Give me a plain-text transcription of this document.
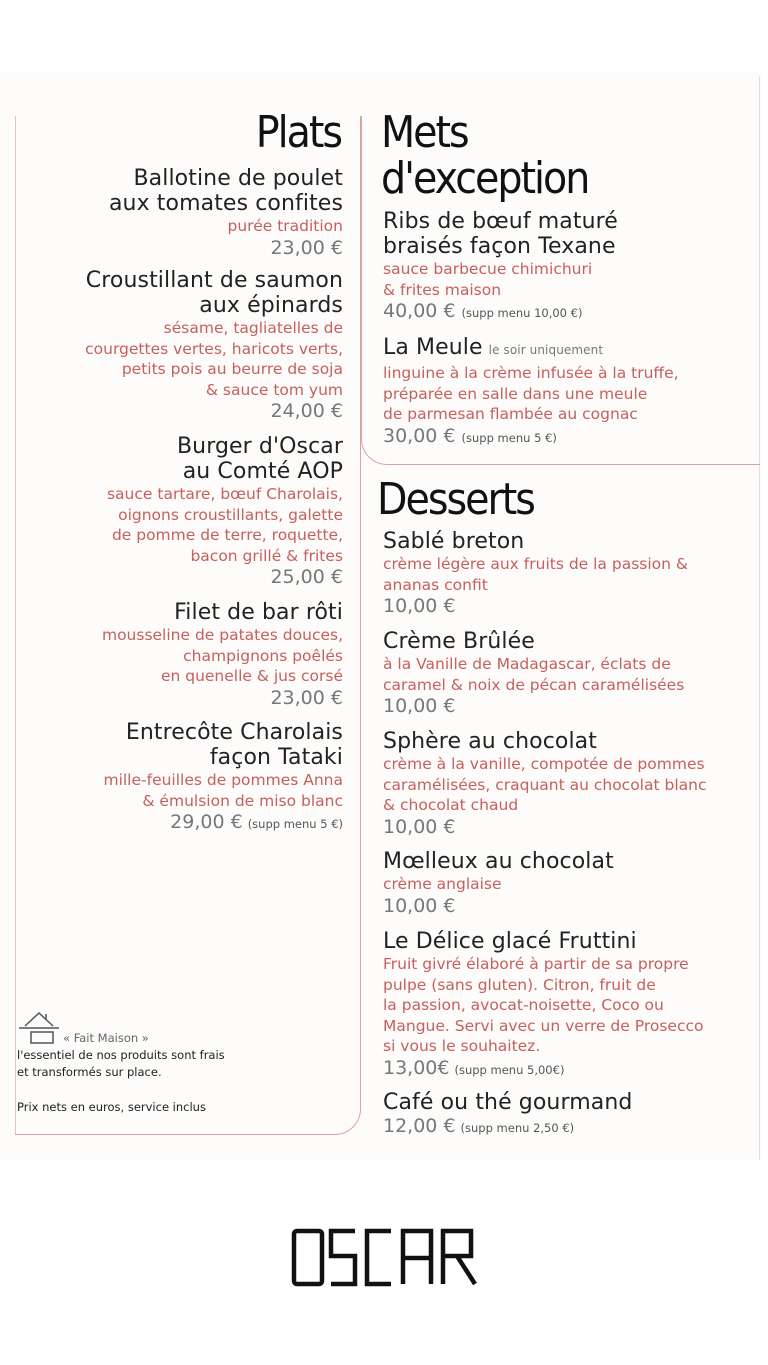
Plats Mets
d'exception
Desserts
Ballotine de poulet
aux tomates confites
purée tradition
23,00 €
Croustillant de saumon
aux épinards
sésame, tagliatelles de
courgettes vertes, haricots verts,
petits pois au beurre de soja
& sauce tom yum
24,00 €
Burger d'Oscar
au Comté AOP
sauce tartare, bœuf Charolais,
oignons croustillants, galette
de pomme de terre, roquette,
bacon grillé & frites
25,00 €
Filet de bar rôti
mousseline de patates douces,
champignons poêlés
en quenelle & jus corsé
23,00 €
Entrecôte Charolais
façon Tataki
mille-feuilles de pommes Anna
& émulsion de miso blanc
29,00 € (supp menu 5 €)
Ribs de bœuf maturé
braisés façon Texane
sauce barbecue chimichuri
& frites maison
40,00 € (supp menu 10,00 €)
La Meule le soir uniquement
linguine à la crème infusée à la truffe,
préparée en salle dans une meule
de parmesan flambée au cognac
30,00 € (supp menu 5 €)
Sablé breton
crème légère aux fruits de la passion &
ananas confit
10,00 €
Crème Brûlée
à la Vanille de Madagascar, éclats de
caramel & noix de pécan caramélisées
10,00 €
Sphère au chocolat
crème à la vanille, compotée de pommes
caramélisées, craquant au chocolat blanc
& chocolat chaud
10,00 €
Mœlleux au chocolat
crème anglaise
10,00 €
Le Délice glacé Fruttini
Fruit givré élaboré à partir de sa propre
pulpe (sans gluten). Citron, fruit de
la passion, avocat-noisette, Coco ou
Mangue. Servi avec un verre de Prosecco
si vous le souhaitez.
13,00€ (supp menu 5,00€)
Café ou thé gourmand
12,00 € (supp menu 2,50 €)
« Fait Maison »
l'essentiel de nos produits sont frais
et transformés sur place.
Prix nets en euros, service inclus
